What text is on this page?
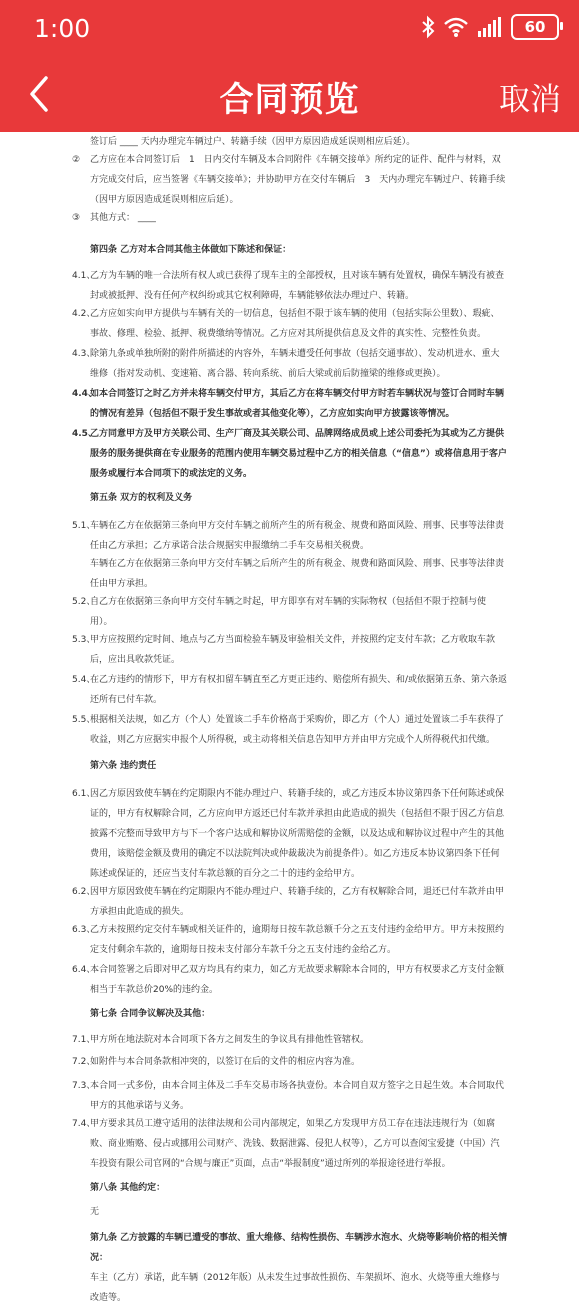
1:00	60
合同预览	取消
签订后 ____ 天内办理完车辆过户、转籍手续（因甲方原因造成延误则相应后延）。
②	乙方应在本合同签订后　1　日内交付车辆及本合同附件《车辆交接单》所约定的证件、配件与材料，双方完成交付后，应当签署《车辆交接单》；并协助甲方在交付车辆后　3　天内办理完车辆过户、转籍手续（因甲方原因造成延误则相应后延）。
③	其他方式： ____
第四条 乙方对本合同其他主体做如下陈述和保证：
4.1、
乙方为车辆的唯一合法所有权人或已获得了现车主的全部授权，且对该车辆有处置权，确保车辆没有被查封或被抵押、没有任何产权纠纷或其它权利障碍，车辆能够依法办理过户、转籍。
4.2、
乙方应如实向甲方提供与车辆有关的一切信息，包括但不限于该车辆的使用（包括实际公里数）、瑕疵、事故、修理、检验、抵押、税费缴纳等情况。乙方应对其所提供信息及文件的真实性、完整性负责。
4.3、
除第九条或单独所附的附件所描述的内容外，车辆未遭受任何事故（包括交通事故）、发动机进水、重大维修（指对发动机、变速箱、离合器、转向系统、前后大梁或前后防撞梁的维修或更换）。
4.4、
如本合同签订之时乙方并未将车辆交付甲方，其后乙方在将车辆交付甲方时若车辆状况与签订合同时车辆的情况有差异（包括但不限于发生事故或者其他变化等），乙方应如实向甲方披露该等情况。
4.5、
乙方同意甲方及甲方关联公司、生产厂商及其关联公司、品牌网络成员或上述公司委托为其或为乙方提供服务的服务提供商在专业服务的范围内使用车辆交易过程中乙方的相关信息（“信息”）或将信息用于客户服务或履行本合同项下的或法定的义务。
第五条 双方的权利及义务
5.1、
车辆在乙方在依据第三条向甲方交付车辆之前所产生的所有税金、规费和路面风险、刑事、民事等法律责任由乙方承担；乙方承诺合法合规据实申报缴纳二手车交易相关税费。
车辆在乙方在依据第三条向甲方交付车辆之后所产生的所有税金、规费和路面风险、刑事、民事等法律责任由甲方承担。
5.2、
自乙方在依据第三条向甲方交付车辆之时起，甲方即享有对车辆的实际物权（包括但不限于控制与使用）。
5.3、
甲方应按照约定时间、地点与乙方当面检验车辆及审验相关文件，并按照约定支付车款；乙方收取车款后，应出具收款凭证。
5.4、
在乙方违约的情形下，甲方有权扣留车辆直至乙方更正违约、赔偿所有损失、和/或依据第五条、第六条返还所有已付车款。
5.5、
根据相关法规，如乙方（个人）处置该二手车价格高于采购价，即乙方（个人）通过处置该二手车获得了收益，则乙方应据实申报个人所得税，或主动将相关信息告知甲方并由甲方完成个人所得税代扣代缴。
第六条 违约责任
6.1、
因乙方原因致使车辆在约定期限内不能办理过户、转籍手续的，或乙方违反本协议第四条下任何陈述或保证的，甲方有权解除合同，乙方应向甲方返还已付车款并承担由此造成的损失（包括但不限于因乙方信息披露不完整而导致甲方与下一个客户达成和解协议所需赔偿的金额，以及达成和解协议过程中产生的其他费用，该赔偿金额及费用的确定不以法院判决或仲裁裁决为前提条件）。如乙方违反本协议第四条下任何陈述或保证的，还应当支付车款总额的百分之二十的违约金给甲方。
6.2、
因甲方原因致使车辆在约定期限内不能办理过户、转籍手续的，乙方有权解除合同，退还已付车款并由甲方承担由此造成的损失。
6.3、
乙方未按照约定交付车辆或相关证件的，逾期每日按车款总额千分之五支付违约金给甲方。甲方未按照约定支付剩余车款的，逾期每日按未支付部分车款千分之五支付违约金给乙方。
6.4、
本合同签署之后即对甲乙双方均具有约束力，如乙方无故要求解除本合同的，甲方有权要求乙方支付金额相当于车款总价20%的违约金。
第七条 合同争议解决及其他：
7.1、
甲方所在地法院对本合同项下各方之间发生的争议具有排他性管辖权。
7.2、
如附件与本合同条款相冲突的，以签订在后的文件的相应内容为准。
7.3、
本合同一式多份，由本合同主体及二手车交易市场各执壹份。本合同自双方签字之日起生效。本合同取代甲方的其他承诺与义务。
7.4、
甲方要求其员工遵守适用的法律法规和公司内部规定，如果乙方发现甲方员工存在违法违规行为（如腐败、商业贿赂、侵占或挪用公司财产、洗钱、数据泄露、侵犯人权等），乙方可以查阅宝爱捷（中国）汽车投资有限公司官网的“合规与廉正”页面，点击“举报制度”通过所列的举报途径进行举报。
第八条 其他约定：
无
第九条 乙方披露的车辆已遭受的事故、重大维修、结构性损伤、车辆涉水泡水、火烧等影响价格的相关情况：
车主（乙方）承诺，此车辆（2012年版）从未发生过事故性损伤、车架损坏、泡水、火烧等重大维修与改造等。
